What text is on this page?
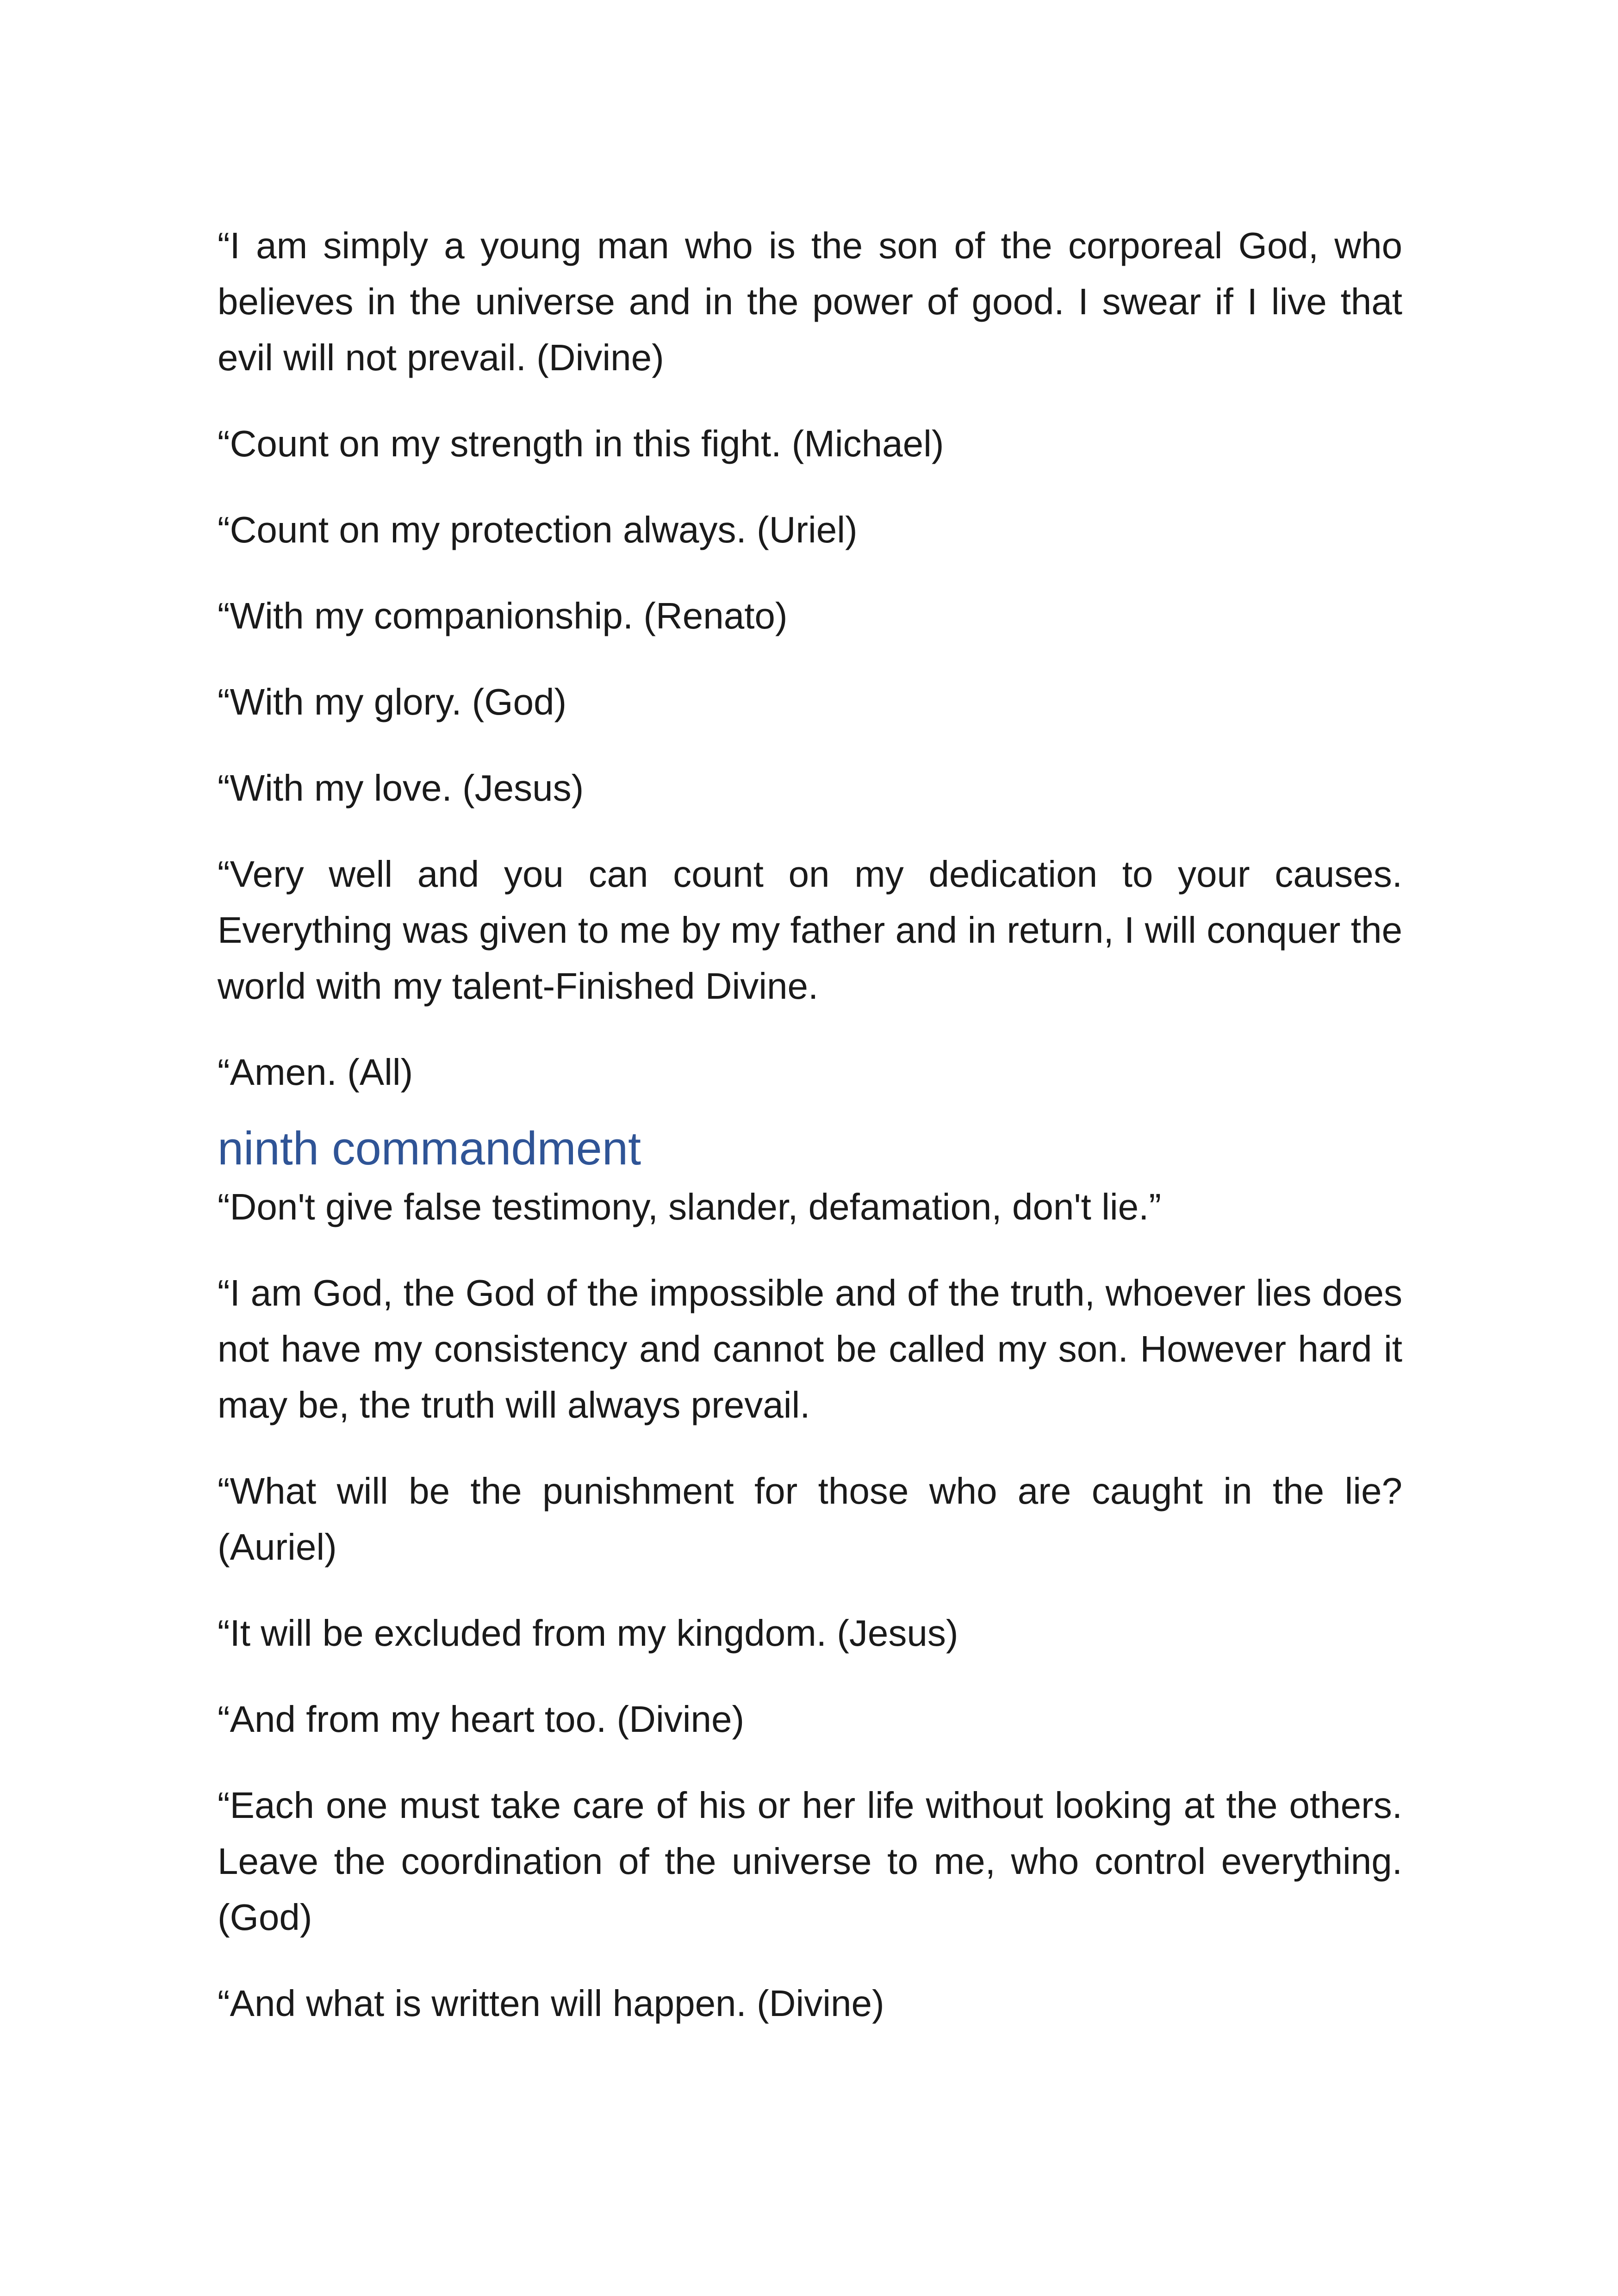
“I am simply a young man who is the son of the corporeal God, who believes in the universe and in the power of good. I swear if I live that evil will not prevail. (Divine)

“Count on my strength in this fight. (Michael)

“Count on my protection always. (Uriel)

“With my companionship. (Renato)

“With my glory. (God)

“With my love. (Jesus)

“Very well and you can count on my dedication to your causes. Everything was given to me by my father and in return, I will conquer the world with my talent-Finished Divine.

“Amen. (All)

ninth commandment

“Don't give false testimony, slander, defamation, don't lie.”

“I am God, the God of the impossible and of the truth, whoever lies does not have my consistency and cannot be called my son. However hard it may be, the truth will always prevail.

“What will be the punishment for those who are caught in the lie? (Auriel)

“It will be excluded from my kingdom. (Jesus)

“And from my heart too. (Divine)

“Each one must take care of his or her life without looking at the others. Leave the coordination of the universe to me, who control everything. (God)

“And what is written will happen. (Divine)
